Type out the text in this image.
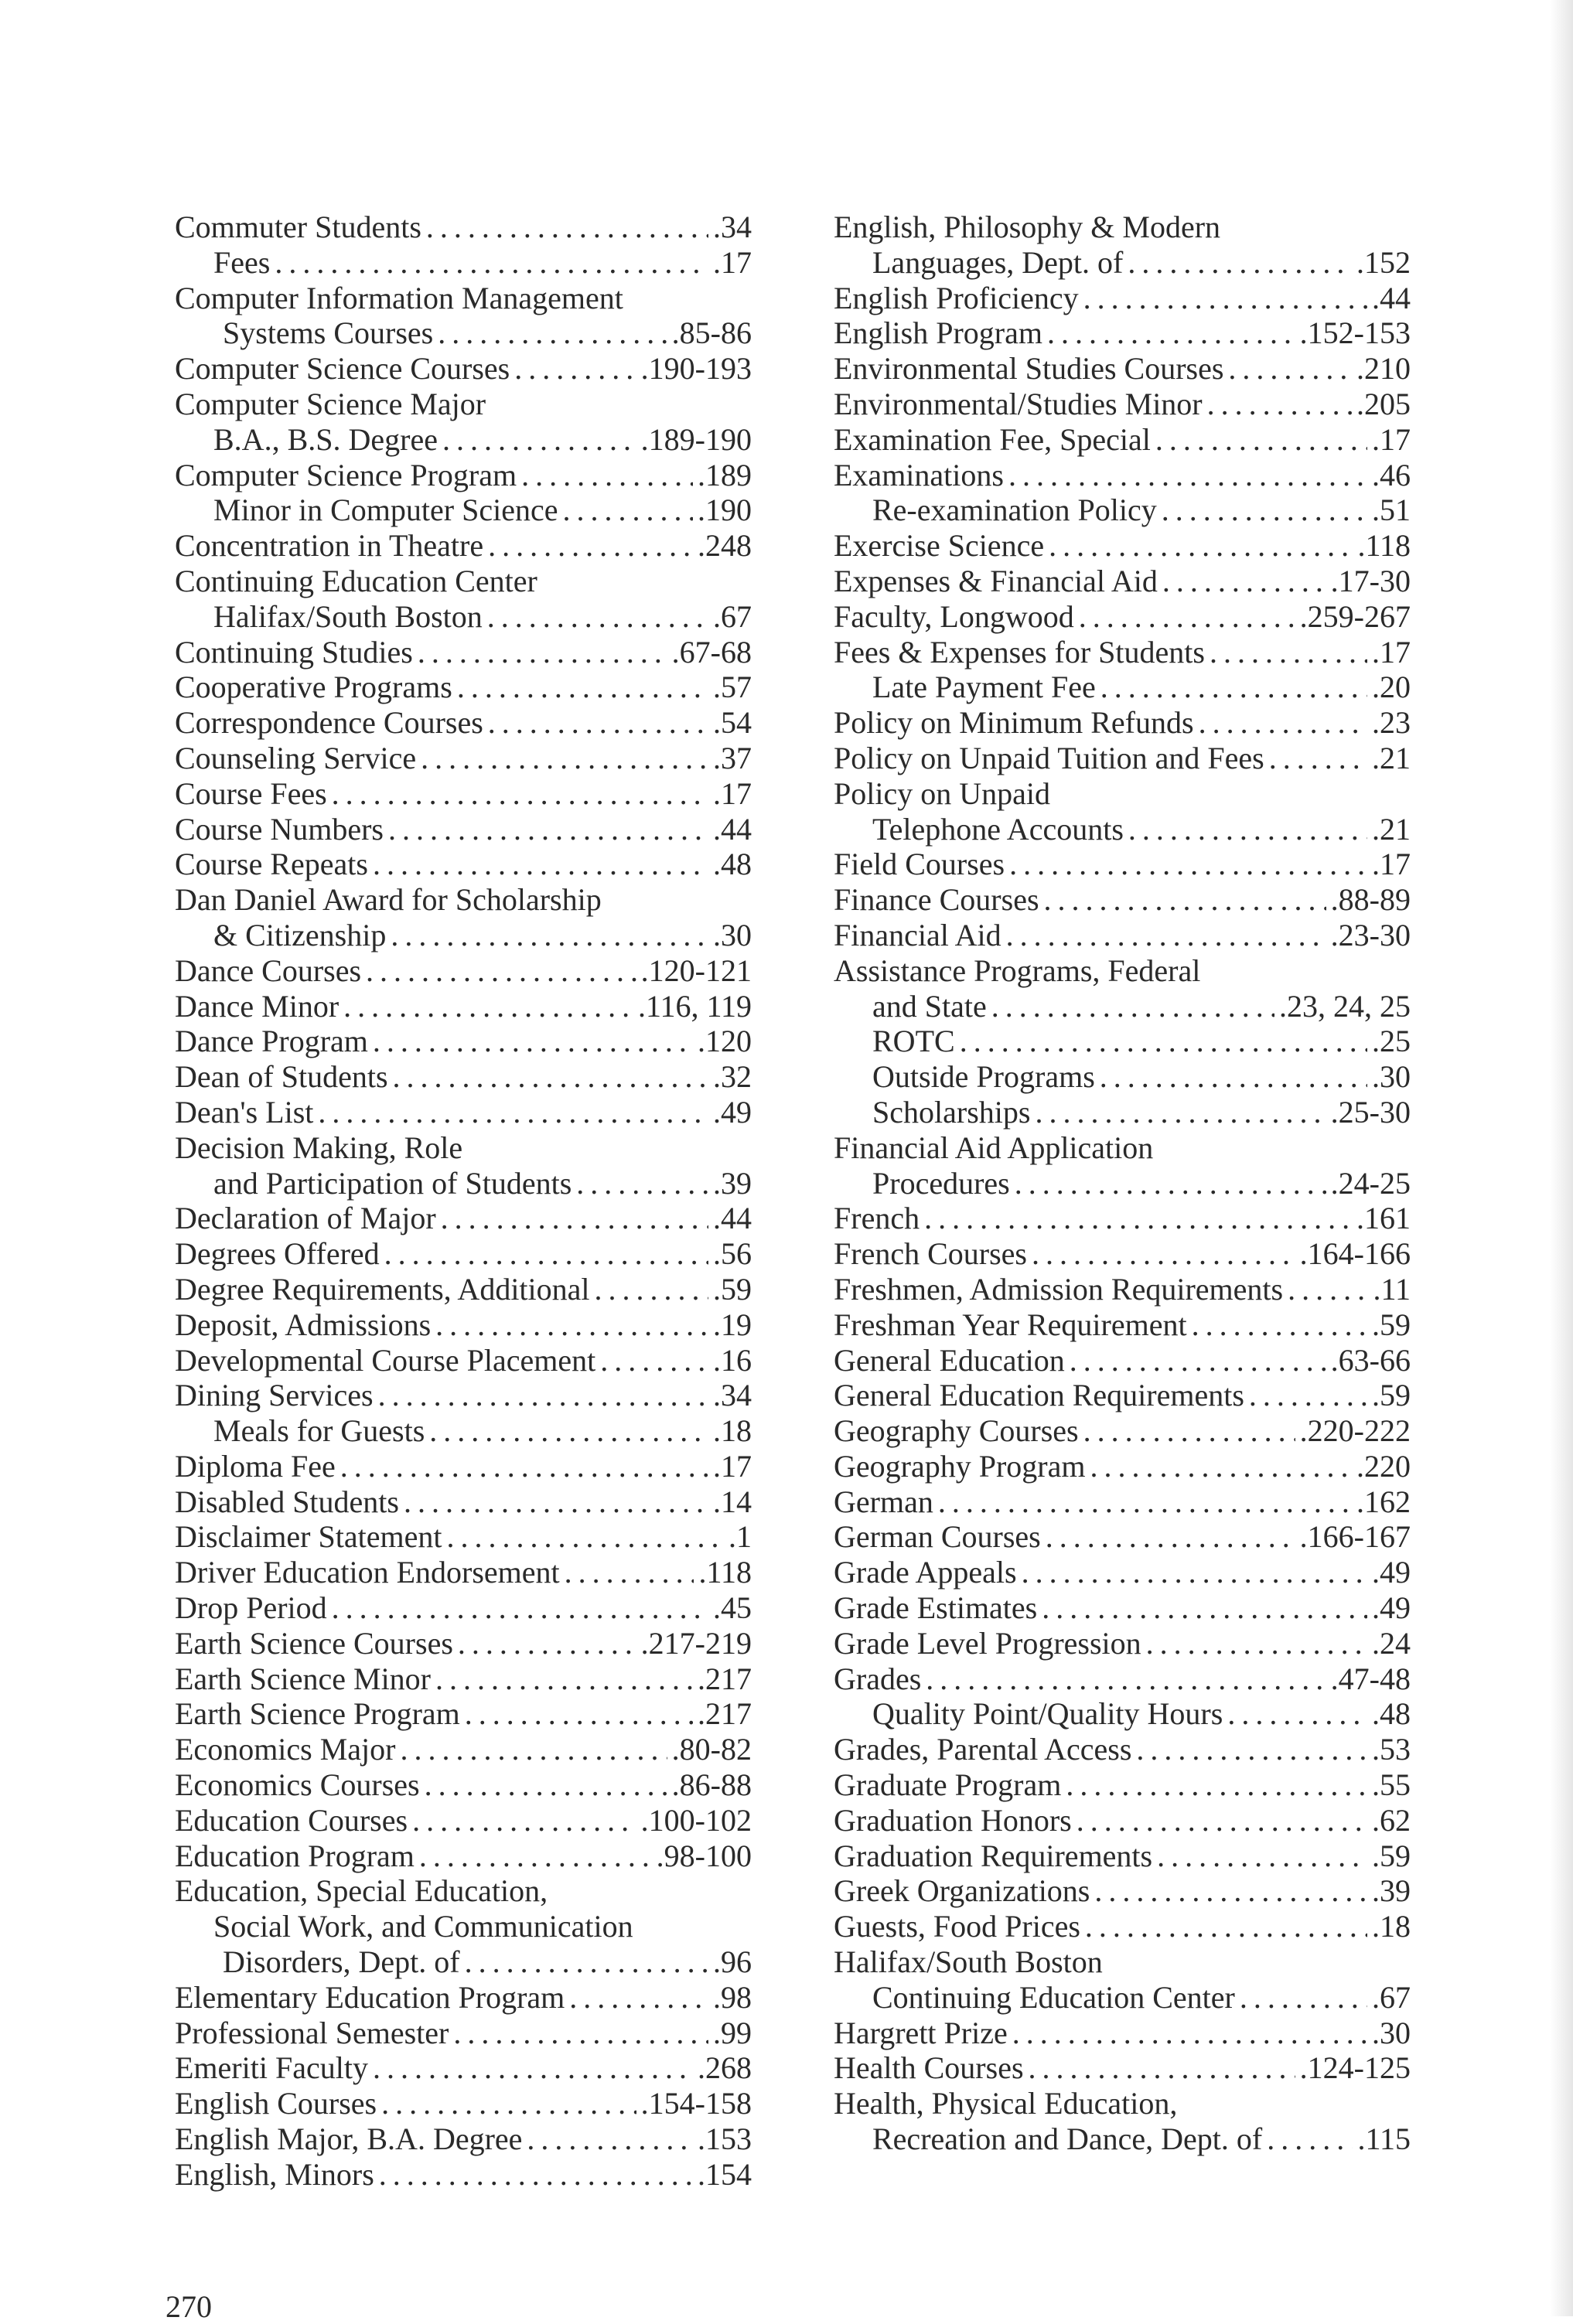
Commuter Students .....	.34
Fees .....	.17
Computer Information Management
Systems Courses .....	.85-86
Computer Science Courses .....	.190-193
Computer Science Major
B.A., B.S. Degree .....	.189-190
Computer Science Program .....	.189
Minor in Computer Science .....	.190
Concentration in Theatre .....	.248
Continuing Education Center
Halifax/South Boston .....	.67
Continuing Studies .....	.67-68
Cooperative Programs .....	.57
Correspondence Courses .....	.54
Counseling Service .....	.37
Course Fees .....	.17
Course Numbers .....	.44
Course Repeats .....	.48
Dan Daniel Award for Scholarship
& Citizenship .....	.30
Dance Courses .....	.120-121
Dance Minor .....	.116, 119
Dance Program .....	.120
Dean of Students .....	.32
Dean's List .....	.49
Decision Making, Role
and Participation of Students .....	.39
Declaration of Major .....	.44
Degrees Offered .....	.56
Degree Requirements, Additional .....	.59
Deposit, Admissions .....	.19
Developmental Course Placement .....	.16
Dining Services .....	.34
Meals for Guests .....	.18
Diploma Fee .....	.17
Disabled Students .....	.14
Disclaimer Statement .....	.1
Driver Education Endorsement .....	.118
Drop Period .....	.45
Earth Science Courses .....	.217-219
Earth Science Minor .....	.217
Earth Science Program .....	.217
Economics Major .....	.80-82
Economics Courses .....	.86-88
Education Courses .....	.100-102
Education Program .....	.98-100
Education, Special Education,
Social Work, and Communication
Disorders, Dept. of .....	.96
Elementary Education Program .....	.98
Professional Semester .....	.99
Emeriti Faculty .....	.268
English Courses .....	.154-158
English Major, B.A. Degree .....	.153
English, Minors .....	.154
English, Philosophy & Modern
Languages, Dept. of .....	.152
English Proficiency .....	.44
English Program .....	.152-153
Environmental Studies Courses .....	.210
Environmental/Studies Minor .....	.205
Examination Fee, Special .....	.17
Examinations .....	.46
Re-examination Policy .....	.51
Exercise Science .....	.118
Expenses & Financial Aid .....	.17-30
Faculty, Longwood .....	.259-267
Fees & Expenses for Students .....	.17
Late Payment Fee .....	.20
Policy on Minimum Refunds .....	.23
Policy on Unpaid Tuition and Fees .....	.21
Policy on Unpaid
Telephone Accounts .....	.21
Field Courses .....	.17
Finance Courses .....	.88-89
Financial Aid .....	.23-30
Assistance Programs, Federal
and State .....	.23, 24, 25
ROTC .....	.25
Outside Programs .....	.30
Scholarships .....	.25-30
Financial Aid Application
Procedures .....	.24-25
French .....	.161
French Courses .....	.164-166
Freshmen, Admission Requirements .....	.11
Freshman Year Requirement .....	.59
General Education .....	.63-66
General Education Requirements .....	.59
Geography Courses .....	.220-222
Geography Program .....	.220
German .....	.162
German Courses .....	.166-167
Grade Appeals .....	.49
Grade Estimates .....	.49
Grade Level Progression .....	.24
Grades .....	.47-48
Quality Point/Quality Hours .....	.48
Grades, Parental Access .....	.53
Graduate Program .....	.55
Graduation Honors .....	.62
Graduation Requirements .....	.59
Greek Organizations .....	.39
Guests, Food Prices .....	.18
Halifax/South Boston
Continuing Education Center .....	.67
Hargrett Prize .....	.30
Health Courses .....	.124-125
Health, Physical Education,
Recreation and Dance, Dept. of .....	.115
270
